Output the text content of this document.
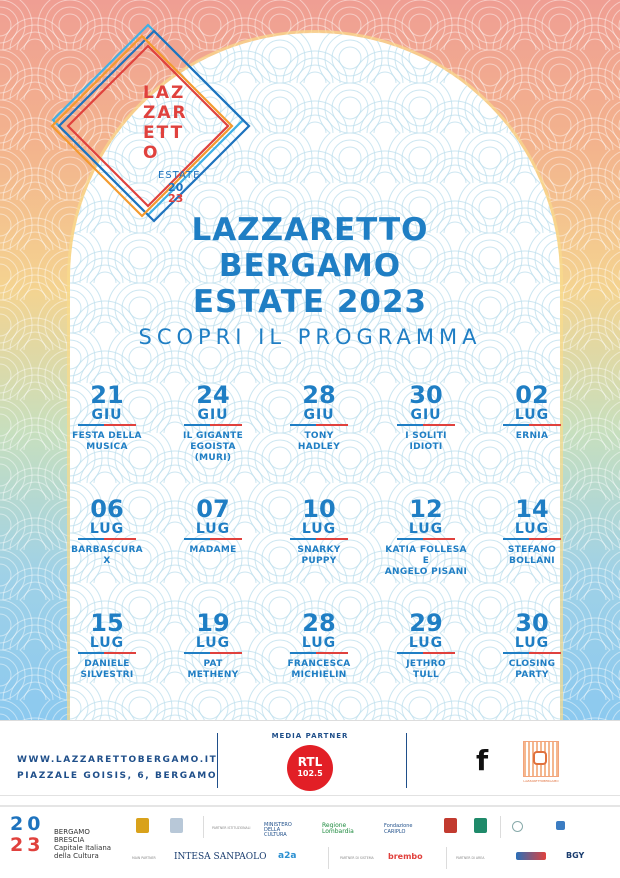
LAZ
ZAR
ETT
O
ESTATE
20
23
LAZZARETTO
BERGAMO
ESTATE 2023
SCOPRI IL PROGRAMMA
21
GIU
FESTA DELLA
MUSICA
24
GIU
IL GIGANTE
EGOISTA
(MURI)
28
GIU
TONY
HADLEY
30
GIU
I SOLITI
IDIOTI
02
LUG
ERNIA
06
LUG
BARBASCURA
X
07
LUG
MADAME
10
LUG
SNARKY
PUPPY
12
LUG
KATIA FOLLESA
E
ANGELO PISANI
14
LUG
STEFANO
BOLLANI
15
LUG
DANIELE
SILVESTRI
19
LUG
PAT
METHENY
28
LUG
FRANCESCA
MICHIELIN
29
LUG
JETHRO
TULL
30
LUG
CLOSING
PARTY
WWW.LAZZARETTOBERGAMO.IT
PIAZZALE GOISIS, 6, BERGAMO
MEDIA PARTNER
RTL
102.5	f
LAZZARETTOBERGAMO
20
23
BERGAMO
BRESCIA
Capitale Italiana
della Cultura
PARTNER ISTITUZIONALI	MINISTERO DELLA CULTURA
Regione Lombardia
Fondazione CARIPLO
MAIN PARTNER INTESA SANPAOLO a2a	PARTNER DI SISTEMA brembo	PARTNER DI AREA	BGY
